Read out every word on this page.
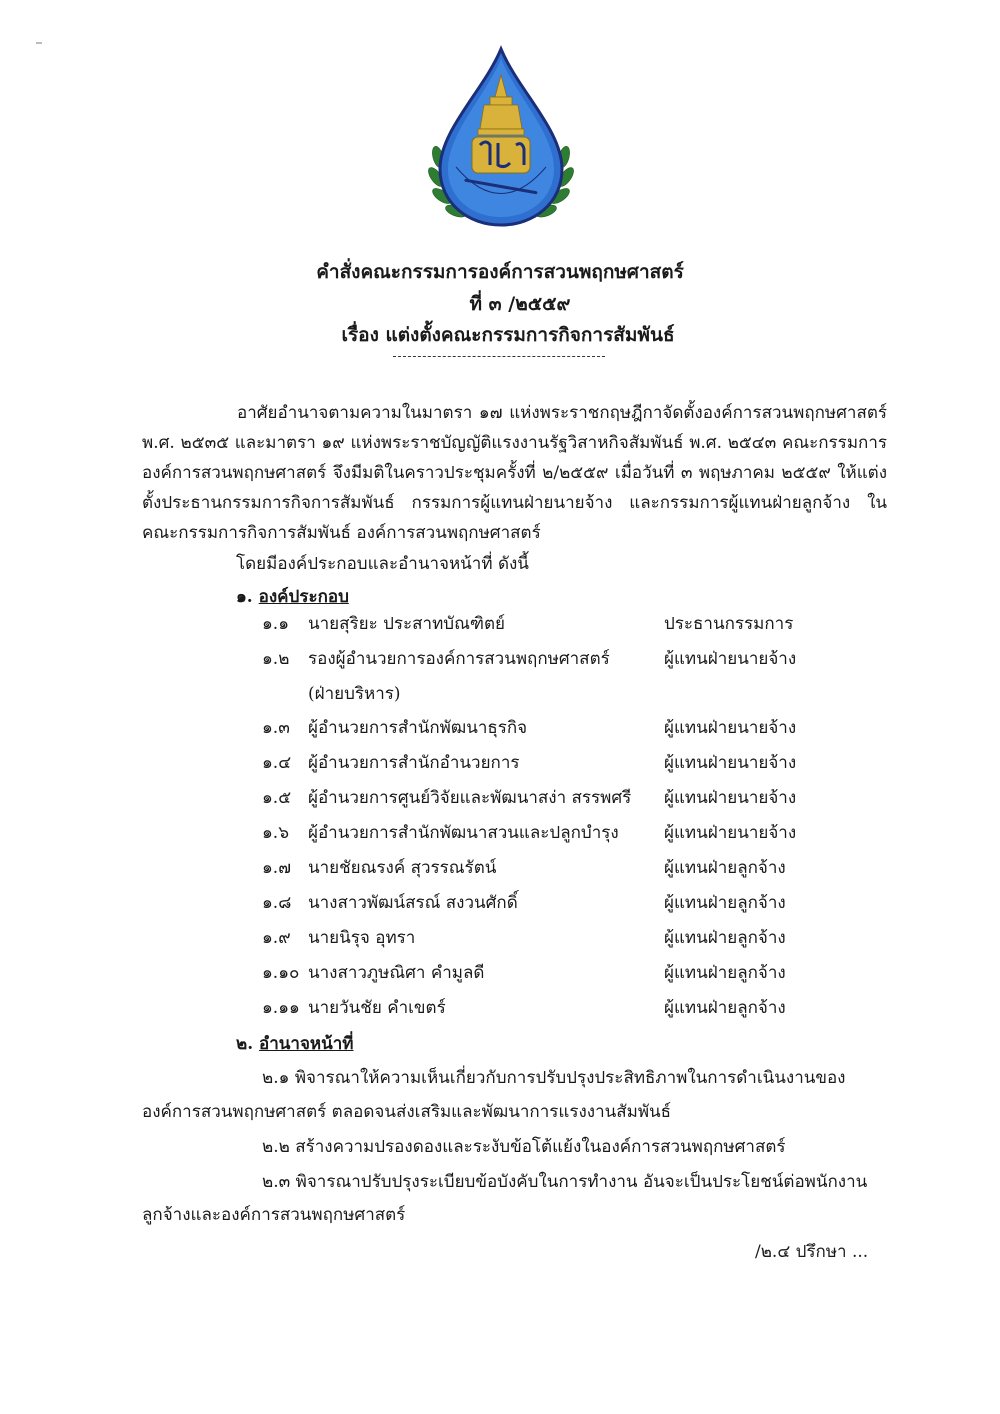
คำสั่งคณะกรรมการองค์การสวนพฤกษศาสตร์
ที่ ๓ /๒๕๕๙
เรื่อง แต่งตั้งคณะกรรมการกิจการสัมพันธ์
อาศัยอำนาจตามความในมาตรา ๑๗ แห่งพระราชกฤษฎีกาจัดตั้งองค์การสวนพฤกษศาสตร์ พ.ศ. ๒๕๓๕ และมาตรา ๑๙ แห่งพระราชบัญญัติแรงงานรัฐวิสาหกิจสัมพันธ์ พ.ศ. ๒๕๔๓ คณะกรรมการองค์การสวนพฤกษศาสตร์ จึงมีมติในคราวประชุมครั้งที่ ๒/๒๕๕๙ เมื่อวันที่ ๓ พฤษภาคม ๒๕๕๙ ให้แต่งตั้งประธานกรรมการกิจการสัมพันธ์ กรรมการผู้แทนฝ่ายนายจ้าง และกรรมการผู้แทนฝ่ายลูกจ้าง ในคณะกรรมการกิจการสัมพันธ์ องค์การสวนพฤกษศาสตร์
โดยมีองค์ประกอบและอำนาจหน้าที่ ดังนี้
๑. องค์ประกอบ
๑.๑ นายสุริยะ ประสาทบัณฑิตย์	ประธานกรรมการ
๑.๒ รองผู้อำนวยการองค์การสวนพฤกษศาสตร์	ผู้แทนฝ่ายนายจ้าง
(ฝ่ายบริหาร)
๑.๓ ผู้อำนวยการสำนักพัฒนาธุรกิจ	ผู้แทนฝ่ายนายจ้าง
๑.๔ ผู้อำนวยการสำนักอำนวยการ	ผู้แทนฝ่ายนายจ้าง
๑.๕ ผู้อำนวยการศูนย์วิจัยและพัฒนาสง่า สรรพศรี	ผู้แทนฝ่ายนายจ้าง
๑.๖ ผู้อำนวยการสำนักพัฒนาสวนและปลูกบำรุง	ผู้แทนฝ่ายนายจ้าง
๑.๗ นายชัยณรงค์ สุวรรณรัตน์	ผู้แทนฝ่ายลูกจ้าง
๑.๘ นางสาวพัฒน์สรณ์ สงวนศักดิ์	ผู้แทนฝ่ายลูกจ้าง
๑.๙ นายนิรุจ อุทรา	ผู้แทนฝ่ายลูกจ้าง
๑.๑๐ นางสาวภูษณิศา คำมูลดี	ผู้แทนฝ่ายลูกจ้าง
๑.๑๑ นายวันชัย คำเขตร์	ผู้แทนฝ่ายลูกจ้าง
๒. อำนาจหน้าที่
๒.๑ พิจารณาให้ความเห็นเกี่ยวกับการปรับปรุงประสิทธิภาพในการดำเนินงานของ
องค์การสวนพฤกษศาสตร์ ตลอดจนส่งเสริมและพัฒนาการแรงงานสัมพันธ์
๒.๒ สร้างความปรองดองและระงับข้อโต้แย้งในองค์การสวนพฤกษศาสตร์
๒.๓ พิจารณาปรับปรุงระเบียบข้อบังคับในการทำงาน อันจะเป็นประโยชน์ต่อพนักงาน
ลูกจ้างและองค์การสวนพฤกษศาสตร์
/๒.๔ ปรึกษา ...
